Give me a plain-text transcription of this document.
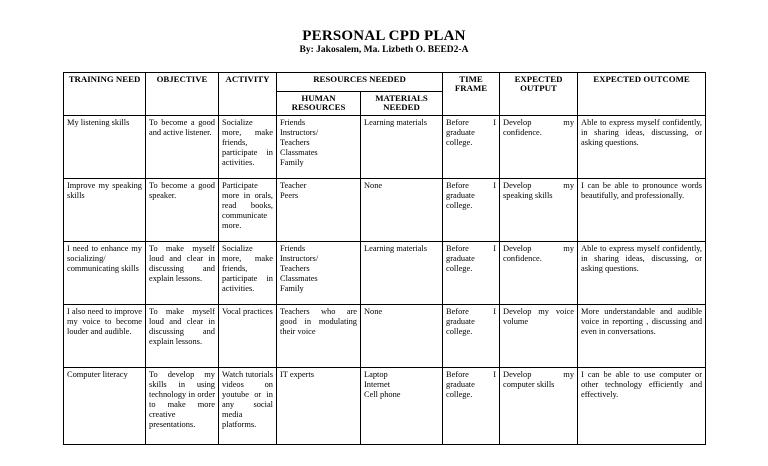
PERSONAL CPD PLAN
By: Jakosalem, Ma. Lizbeth O. BEED2-A
TRAINING NEED	OBJECTIVE	ACTIVITY	RESOURCES NEEDED		TIME FRAME	EXPECTED OUTPUT	EXPECTED OUTCOME
			HUMAN RESOURCES	MATERIALS NEEDED			
My listening skills	To become a good and active listener.	Socialize more, make friends, participate in activities.	Friends
Instructors/
Teachers
Classmates
Family	Learning materials	Before I graduate college.	Develop my confidence.	Able to express myself confidently, in sharing ideas, discussing, or asking questions.
Improve my speaking skills	To become a good speaker.	Participate more in orals, read books, communicate more.	Teacher
Peers	None	Before I graduate college.	Develop my speaking skills	I can be able to pronounce words beautifully, and professionally.
I need to enhance my socializing/ communicating skills	To make myself loud and clear in discussing and explain lessons.	Socialize more, make friends, participate in activities.	Friends
Instructors/
Teachers
Classmates
Family	Learning materials	Before I graduate college.	Develop my confidence.	Able to express myself confidently, in sharing ideas, discussing, or asking questions.
I also need to improve my voice to become louder and audible.	To make myself loud and clear in discussing and explain lessons.	Vocal practices	Teachers who are good in modulating their voice	None	Before I graduate college.	Develop my voice volume	More understandable and audible voice in reporting , discussing and even in conversations.
Computer literacy	To develop my skills in using technology in order to make more creative presentations.	Watch tutorials videos on youtube or in any social media platforms.	IT experts	Laptop
Internet
Cell phone	Before I graduate college.	Develop my computer skills	I can be able to use computer or other technology efficiently and effectively.
